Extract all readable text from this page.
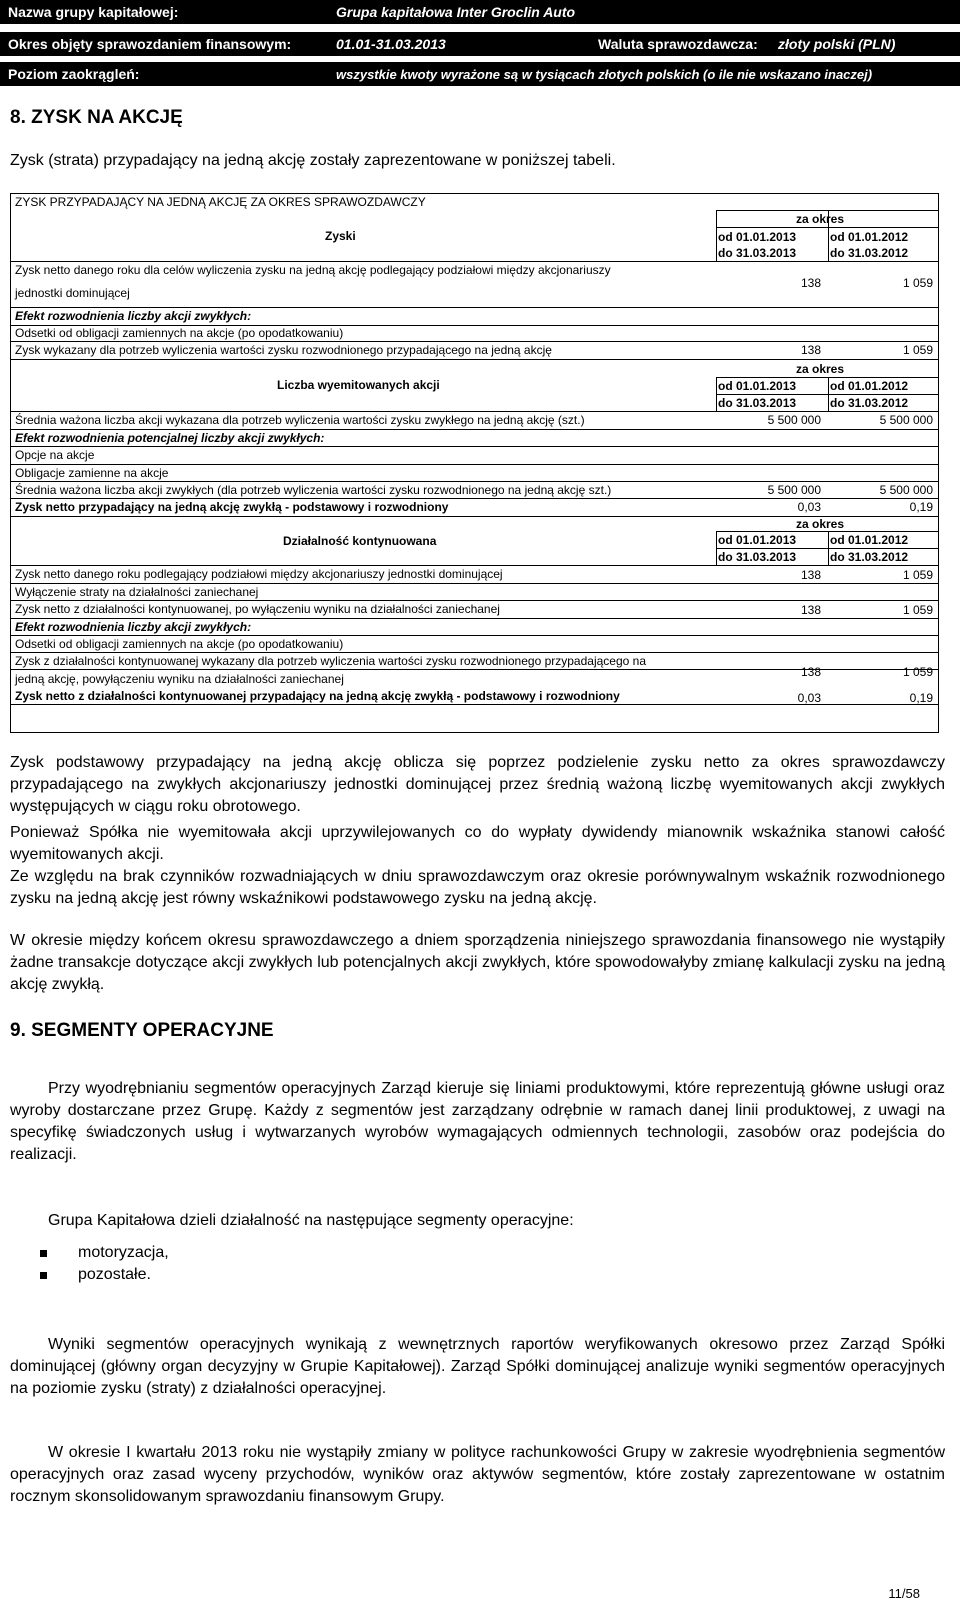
Nazwa grupy kapitałowej:	Grupa kapitałowa Inter Groclin Auto
Okres objęty sprawozdaniem finansowym:	01.01-31.03.2013	Waluta sprawozdawcza: złoty polski (PLN)
Poziom zaokrągleń:	wszystkie kwoty wyrażone są w tysiącach złotych polskich (o ile nie wskazano inaczej)
8. ZYSK NA AKCJĘ
Zysk (strata) przypadający na jedną akcję zostały zaprezentowane w poniższej tabeli.
ZYSK PRZYPADAJĄCY NA JEDNĄ AKCJĘ ZA OKRES SPRAWOZDAWCZY
za okres
Zyski	od 01.01.2013	od 01.01.2012
do 31.03.2013	do 31.03.2012
Zysk netto danego roku dla celów wyliczenia zysku na jedną akcję podlegający podziałowi między akcjonariuszy
jednostki dominującej
138	1 059
Efekt rozwodnienia liczby akcji zwykłych:
Odsetki od obligacji zamiennych na akcje (po opodatkowaniu)
Zysk wykazany dla potrzeb wyliczenia wartości zysku rozwodnionego przypadającego na jedną akcję	138	1 059
za okres
Liczba wyemitowanych akcji	od 01.01.2013	od 01.01.2012
do 31.03.2013	do 31.03.2012
Średnia ważona liczba akcji wykazana dla potrzeb wyliczenia wartości zysku zwykłego na jedną akcję (szt.)	5 500 000	5 500 000
Efekt rozwodnienia potencjalnej liczby akcji zwykłych:
Opcje na akcje
Obligacje zamienne na akcje
Średnia ważona liczba akcji zwykłych (dla potrzeb wyliczenia wartości zysku rozwodnionego na jedną akcję szt.)	5 500 000	5 500 000
Zysk netto przypadający na jedną akcję zwykłą - podstawowy i rozwodniony	0,03	0,19
za okres
Działalność kontynuowana	od 01.01.2013	od 01.01.2012
do 31.03.2013	do 31.03.2012
Zysk netto danego roku podlegający podziałowi między akcjonariuszy jednostki dominującej	138	1 059
Wyłączenie straty na działalności zaniechanej
Zysk netto z działalności kontynuowanej, po wyłączeniu wyniku na działalności zaniechanej	138	1 059
Efekt rozwodnienia liczby akcji zwykłych:
Odsetki od obligacji zamiennych na akcje (po opodatkowaniu)
Zysk z działalności kontynuowanej wykazany dla potrzeb wyliczenia wartości zysku rozwodnionego przypadającego na
jedną akcję, powyłączeniu wyniku na działalności zaniechanej	138	1 059
Zysk netto z działalności kontynuowanej przypadający na jedną akcję zwykłą - podstawowy i rozwodniony	0,03	0,19
Zysk podstawowy przypadający na jedną akcję oblicza się poprzez podzielenie zysku netto za okres sprawozdawczy przypadającego na zwykłych akcjonariuszy jednostki dominującej przez średnią ważoną liczbę wyemitowanych akcji zwykłych występujących w ciągu roku obrotowego.
Ponieważ Spółka nie wyemitowała akcji uprzywilejowanych co do wypłaty dywidendy mianownik wskaźnika stanowi całość wyemitowanych akcji.
Ze względu na brak czynników rozwadniających w dniu sprawozdawczym oraz okresie porównywalnym wskaźnik rozwodnionego zysku na jedną akcję jest równy wskaźnikowi podstawowego zysku na jedną akcję.
W okresie między końcem okresu sprawozdawczego a dniem sporządzenia niniejszego sprawozdania finansowego nie wystąpiły żadne transakcje dotyczące akcji zwykłych lub potencjalnych akcji zwykłych, które spowodowałyby zmianę kalkulacji zysku na jedną akcję zwykłą.
9. SEGMENTY OPERACYJNE
Przy wyodrębnianiu segmentów operacyjnych Zarząd kieruje się liniami produktowymi, które reprezentują główne usługi oraz wyroby dostarczane przez Grupę. Każdy z segmentów jest zarządzany odrębnie w ramach danej linii produktowej, z uwagi na specyfikę świadczonych usług i wytwarzanych wyrobów wymagających odmiennych technologii, zasobów oraz podejścia do realizacji.
Grupa Kapitałowa dzieli działalność na następujące segmenty operacyjne:
motoryzacja,
pozostałe.
Wyniki segmentów operacyjnych wynikają z wewnętrznych raportów weryfikowanych okresowo przez Zarząd Spółki dominującej (główny organ decyzyjny w Grupie Kapitałowej). Zarząd Spółki dominującej analizuje wyniki segmentów operacyjnych na poziomie zysku (straty) z działalności operacyjnej.
W okresie I kwartału 2013 roku nie wystąpiły zmiany w polityce rachunkowości Grupy w zakresie wyodrębnienia segmentów operacyjnych oraz zasad wyceny przychodów, wyników oraz aktywów segmentów, które zostały zaprezentowane w ostatnim rocznym skonsolidowanym sprawozdaniu finansowym Grupy.
11/58
